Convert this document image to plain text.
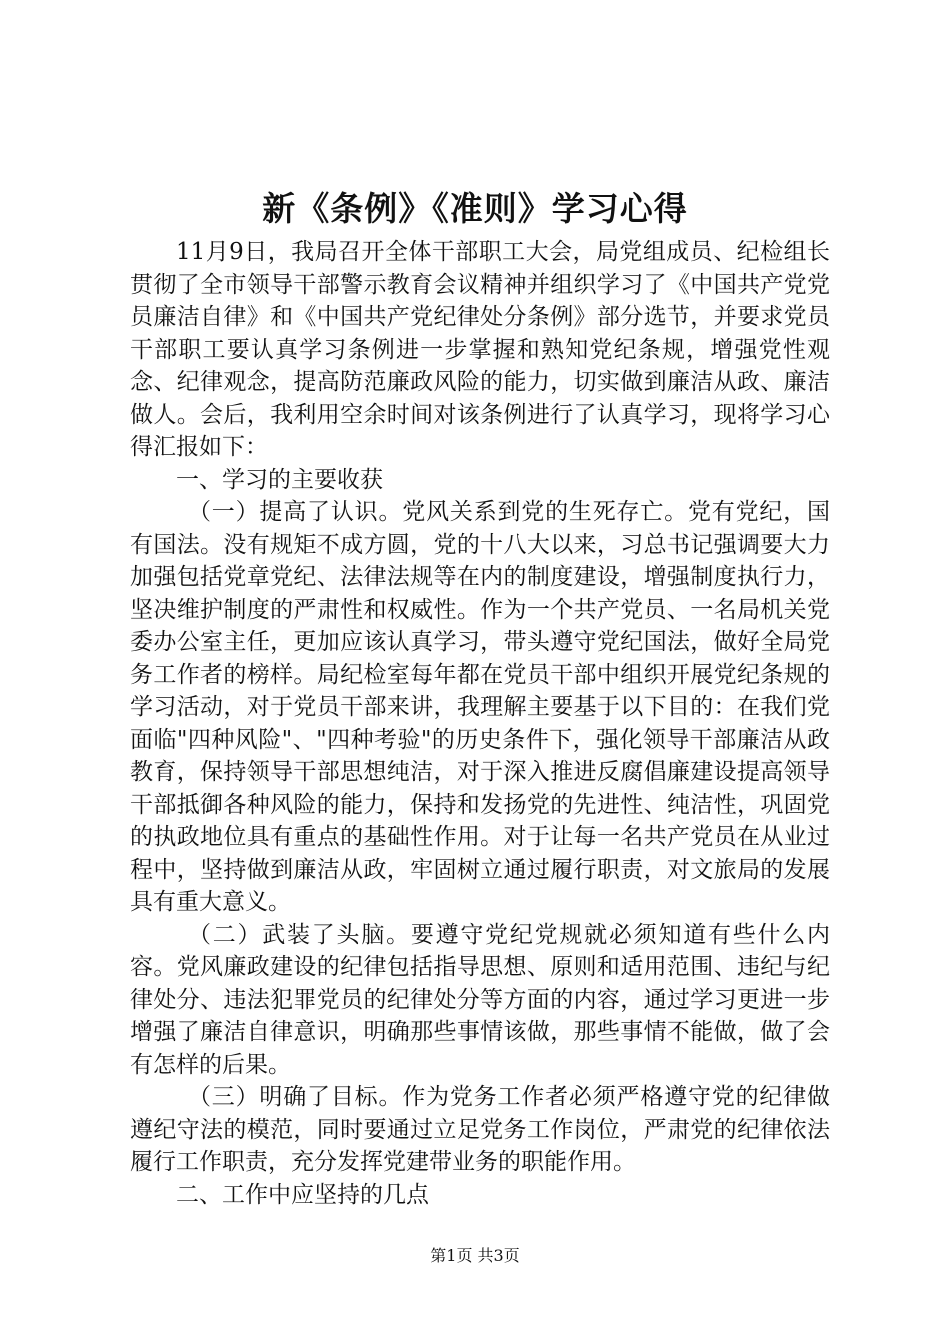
新《条例》《准则》学习心得

11月9日，我局召开全体干部职工大会，局党组成员、纪检组长贯彻了全市领导干部警示教育会议精神并组织学习了《中国共产党党员廉洁自律》和《中国共产党纪律处分条例》部分选节，并要求党员干部职工要认真学习条例进一步掌握和熟知党纪条规，增强党性观念、纪律观念，提高防范廉政风险的能力，切实做到廉洁从政、廉洁做人。会后，我利用空余时间对该条例进行了认真学习，现将学习心得汇报如下：

一、学习的主要收获

（一）提高了认识。党风关系到党的生死存亡。党有党纪，国有国法。没有规矩不成方圆，党的十八大以来，习总书记强调要大力加强包括党章党纪、法律法规等在内的制度建设，增强制度执行力，坚决维护制度的严肃性和权威性。作为一个共产党员、一名局机关党委办公室主任，更加应该认真学习，带头遵守党纪国法，做好全局党务工作者的榜样。局纪检室每年都在党员干部中组织开展党纪条规的学习活动，对于党员干部来讲，我理解主要基于以下目的：在我们党面临"四种风险"、"四种考验"的历史条件下，强化领导干部廉洁从政教育，保持领导干部思想纯洁，对于深入推进反腐倡廉建设提高领导干部抵御各种风险的能力，保持和发扬党的先进性、纯洁性，巩固党的执政地位具有重点的基础性作用。对于让每一名共产党员在从业过程中，坚持做到廉洁从政，牢固树立通过履行职责，对文旅局的发展具有重大意义。

（二）武装了头脑。要遵守党纪党规就必须知道有些什么内容。党风廉政建设的纪律包括指导思想、原则和适用范围、违纪与纪律处分、违法犯罪党员的纪律处分等方面的内容，通过学习更进一步增强了廉洁自律意识，明确那些事情该做，那些事情不能做，做了会有怎样的后果。

（三）明确了目标。作为党务工作者必须严格遵守党的纪律做遵纪守法的模范，同时要通过立足党务工作岗位，严肃党的纪律依法履行工作职责，充分发挥党建带业务的职能作用。

二、工作中应坚持的几点

第1页 共3页
